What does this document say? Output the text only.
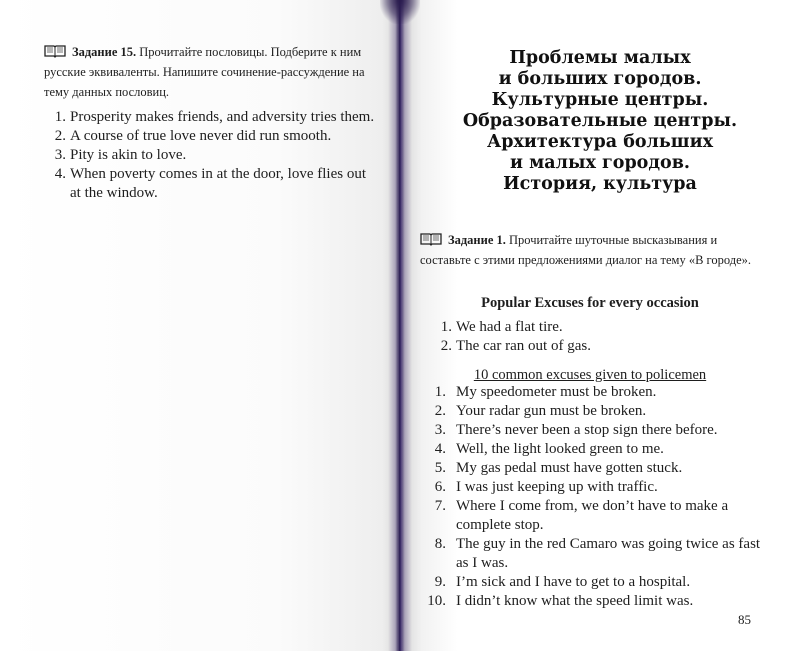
Задание 15. Прочитайте пословицы. Подберите к ним русские эквиваленты. Напишите сочинение-рассуждение на тему данных пословиц.
1. Prosperity makes friends, and adversity tries them.
2. A course of true love never did run smooth.
3. Pity is akin to love.
4. When poverty comes in at the door, love flies out at the window.
Проблемы малых
и больших городов.
Культурные центры.
Образовательные центры.
Архитектура больших
и малых городов.
История, культура
Задание 1. Прочитайте шуточные высказывания и составьте с этими предложениями диалог на тему «В городе».
Popular Excuses for every occasion
1. We had a flat tire.
2. The car ran out of gas.
10 common excuses given to policemen
1. My speedometer must be broken.
2. Your radar gun must be broken.
3. There’s never been a stop sign there before.
4. Well, the light looked green to me.
5. My gas pedal must have gotten stuck.
6. I was just keeping up with traffic.
7. Where I come from, we don’t have to make a complete stop.
8. The guy in the red Camaro was going twice as fast as I was.
9. I’m sick and I have to get to a hospital.
10. I didn’t know what the speed limit was.
85
